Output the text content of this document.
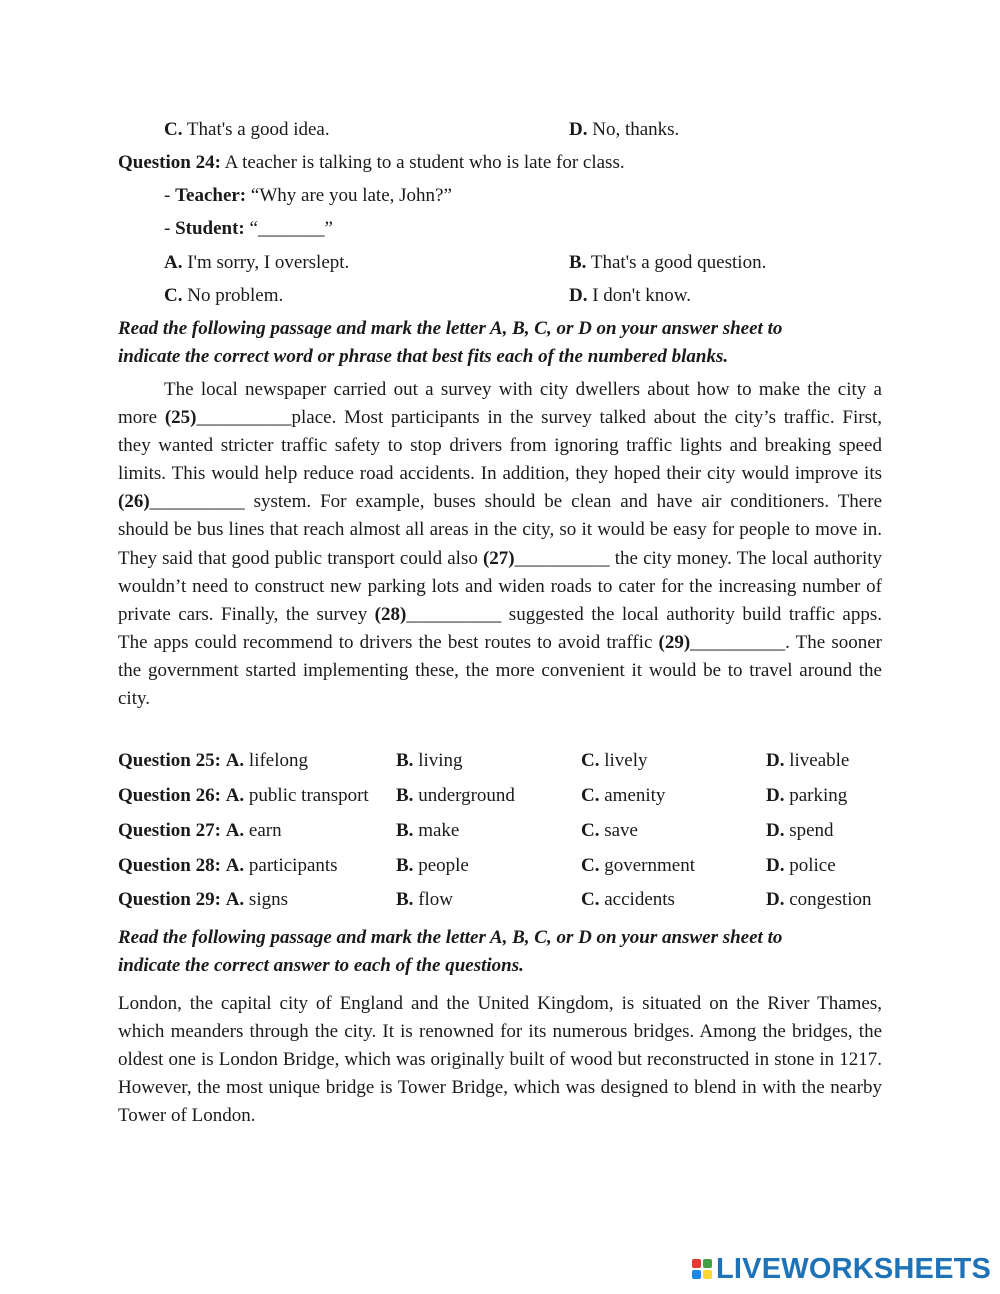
C. That's a good idea.	D. No, thanks.
Question 24: A teacher is talking to a student who is late for class.
- Teacher: “Why are you late, John?”
- Student: “_______”
A. I'm sorry, I overslept.	B. That's a good question.
C. No problem.	D. I don't know.
Read the following passage and mark the letter A, B, C, or D on your answer sheet to
indicate the correct word or phrase that best fits each of the numbered blanks.
The local newspaper carried out a survey with city dwellers about how to make the city a more (25)__________place. Most participants in the survey talked about the city’s traffic. First, they wanted stricter traffic safety to stop drivers from ignoring traffic lights and breaking speed limits. This would help reduce road accidents. In addition, they hoped their city would improve its (26)__________ system. For example, buses should be clean and have air conditioners. There should be bus lines that reach almost all areas in the city, so it would be easy for people to move in. They said that good public transport could also (27)__________ the city money. The local authority wouldn’t need to construct new parking lots and widen roads to cater for the increasing number of private cars. Finally, the survey (28)__________ suggested the local authority build traffic apps. The apps could recommend to drivers the best routes to avoid traffic (29)__________. The sooner the government started implementing these, the more convenient it would be to travel around the city.
Question 25: A. lifelong	B. living	C. lively	D. liveable
Question 26: A. public transport B. underground	C. amenity	D. parking
Question 27: A. earn	B. make	C. save	D. spend
Question 28: A. participants	B. people	C. government	D. police
Question 29: A. signs	B. flow	C. accidents	D. congestion
Read the following passage and mark the letter A, B, C, or D on your answer sheet to
indicate the correct answer to each of the questions.
London, the capital city of England and the United Kingdom, is situated on the River Thames, which meanders through the city. It is renowned for its numerous bridges. Among the bridges, the oldest one is London Bridge, which was originally built of wood but reconstructed in stone in 1217. However, the most unique bridge is Tower Bridge, which was designed to blend in with the nearby Tower of London.
LIVEWORKSHEETS
